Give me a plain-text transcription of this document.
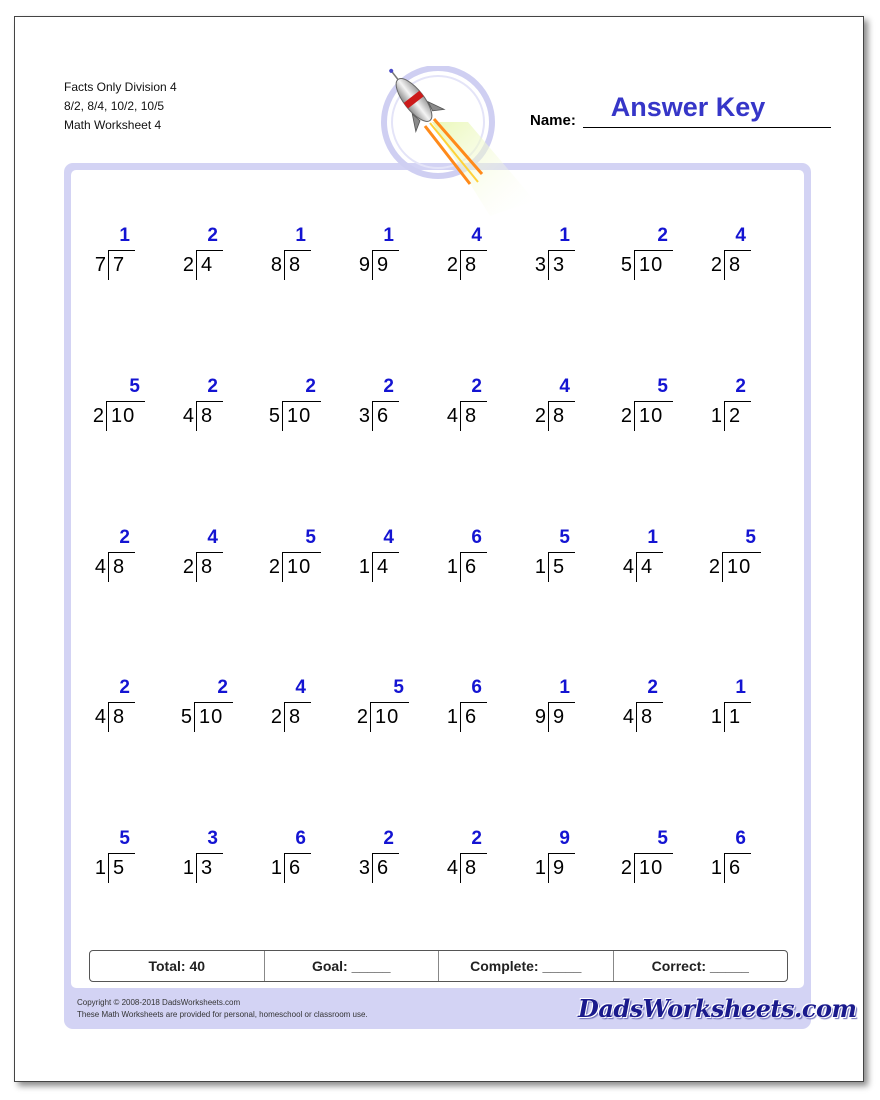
Facts Only Division 4
8/2, 8/4, 10/2, 10/5
Math Worksheet 4	Name:	Answer Key
1
7 7
2
2 4
1
8 8
1
9 9
4
2 8
1
3 3
2
5 10
4
2 8
5
2 10
2
4 8
2
5 10
2
3 6
2
4 8
4
2 8
5
2 10
2
1 2
2
4 8
4
2 8
5
2 10
4
1 4
6
1 6
5
1 5
1
4 4
5
2 10
2
4 8
2
5 10
4
2 8
5
2 10
6
1 6
1
9 9
2
4 8
1
1 1
5
1 5
3
1 3
6
1 6
2
3 6
2
4 8
9
1 9
5
2 10
6
1 6
Total: 40	Goal: _____	Complete: _____	Correct: _____
Copyright © 2008-2018 DadsWorksheets.com
These Math Worksheets are provided for personal, homeschool or classroom use.	DadsWorksheets.com
